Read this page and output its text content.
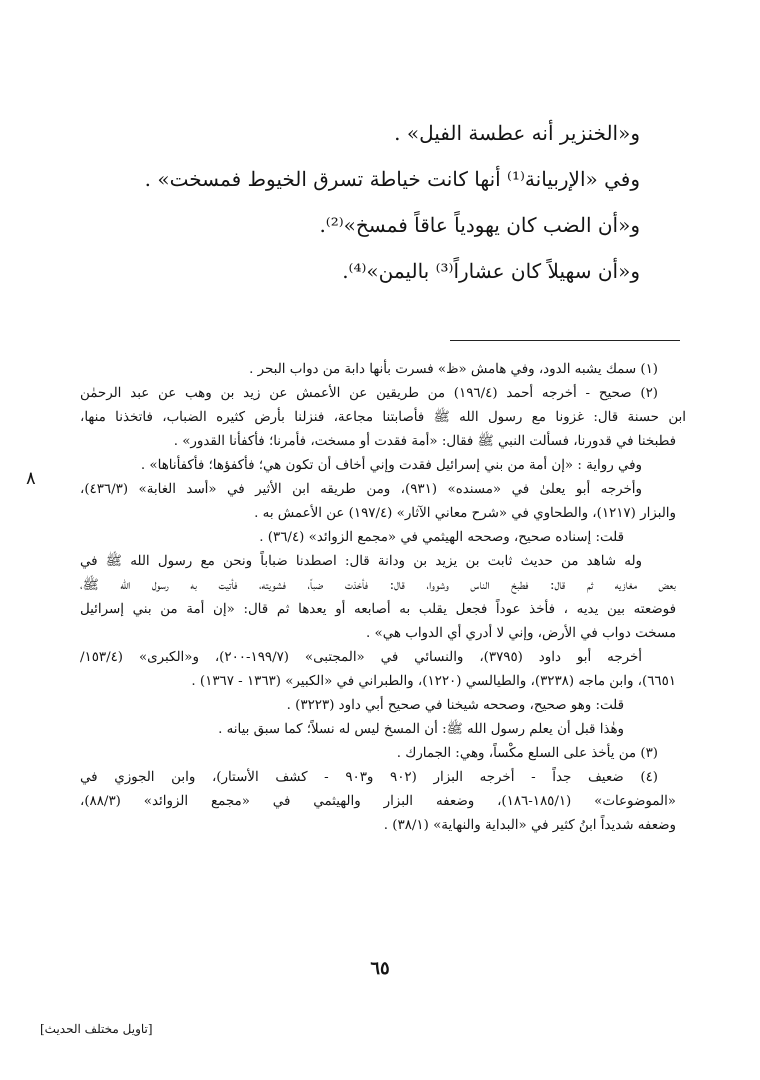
و«الخنزير أنه عطسة الفيل» .

وفي «الإربيانة⁽¹⁾ أنها كانت خياطة تسرق الخيوط فمسخت» .

و«أن الضب كان يهودياً عاقاً فمسخ»⁽²⁾.

و«أن سهيلاً كان عشاراً⁽³⁾ باليمن»⁽⁴⁾.

(١) سمك يشبه الدود، وفي هامش «ظ» فسرت بأنها دابة من دواب البحر .

(٢) صحيح - أخرجه أحمد (١٩٦/٤) من طريقين عن الأعمش عن زيد بن وهب عن عبد الرحمٰن

ابن حسنة قال: غزونا مع رسول الله ﷺ فأصابتنا مجاعة، فنزلنا بأرض كثيره الضباب، فاتخذنا منها،

فطبخنا في قدورنا، فسألت النبي ﷺ فقال: «أمة فقدت أو مسخت، فأمرنا؛ فأكفأنا القدور» .

وفي رواية : «إن أمة من بني إسرائيل فقدت وإني أخاف أن تكون هي؛ فأكفؤها؛ فأكفأناها» .

وأخرجه أبو يعلىٰ في «مسنده» (٩٣١)، ومن طريقه ابن الأثير في «أسد الغابة» (٤٣٦/٣)،

والبزار (١٢١٧)، والطحاوي في «شرح معاني الآثار» (١٩٧/٤) عن الأعمش به .

قلت: إسناده صحيح، وصححه الهيثمي في «مجمع الزوائد» (٣٦/٤) .

وله شاهد من حديث ثابت بن يزيد بن ودانة قال: اصطدنا ضباباً ونحن مع رسول الله ﷺ في

بعض مغازيه ثم قال: فطبخ الناس وشووا، قال: فأخذت ضباً، فشويته، فأتيت به رسول الله ﷺ،

فوضعته بين يديه ، فأخذ عوداً فجعل يقلب به أصابعه أو يعدها ثم قال: «إن أمة من بني إسرائيل

مسخت دواب في الأرض، وإني لا أدري أي الدواب هي» .

أخرجه أبو داود (٣٧٩٥)، والنسائي في «المجتبى» (١٩٩/٧-٢٠٠)، و«الكبرى» (١٥٣/٤/

٦٦٥١)، وابن ماجه (٣٢٣٨)، والطيالسي (١٢٢٠)، والطبراني في «الكبير» (١٣٦٣ - ١٣٦٧) .

قلت: وهو صحيح، وصححه شيخنا في صحيح أبي داود (٣٢٢٣) .

وهٰذا قبل أن يعلم رسول الله ﷺ: أن المسخ ليس له نسلاً؛ كما سبق بيانه .

(٣) من يأخذ على السلع مكْساً، وهي: الجمارك .

(٤) ضعيف جداً - أخرجه البزار (٩٠٢ و٩٠٣ - كشف الأستار)، وابن الجوزي في

«الموضوعات» (١٨٥/١-١٨٦)، وضعفه البزار والهيثمي في «مجمع الزوائد» (٨٨/٣)،

وضعفه شديداً ابنُ كثير في «البداية والنهاية» (٣٨/١) .

٦٥
[تاويل مختلف الحديث]
٨
